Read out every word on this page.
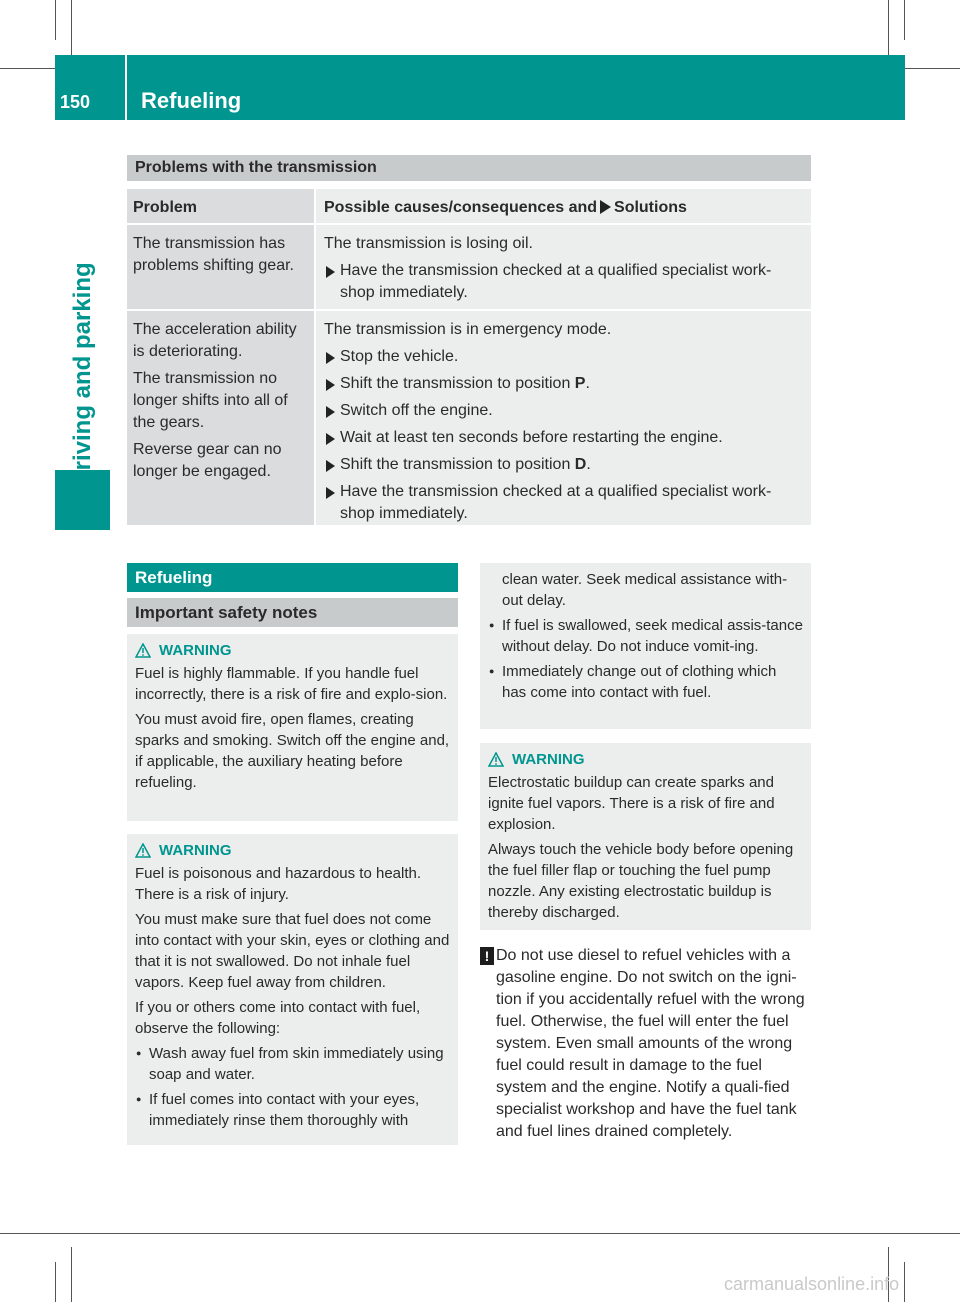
150 Refueling
Driving and parking
Problems with the transmission
Problem	Possible causes/consequences and Solutions
The transmission has problems shifting gear.
The transmission is losing oil.
Have the transmission checked at a qualified specialist work-shop immediately.
The acceleration ability is deteriorating.
The transmission no longer shifts into all of the gears.
Reverse gear can no longer be engaged.
The transmission is in emergency mode.
Stop the vehicle.
Shift the transmission to position P.
Switch off the engine.
Wait at least ten seconds before restarting the engine.
Shift the transmission to position D.
Have the transmission checked at a qualified specialist work-shop immediately.
Refueling
Important safety notes
WARNING
Fuel is highly flammable. If you handle fuel incorrectly, there is a risk of fire and explo-sion.
You must avoid fire, open flames, creating sparks and smoking. Switch off the engine and, if applicable, the auxiliary heating before refueling.
WARNING
Fuel is poisonous and hazardous to health. There is a risk of injury.
You must make sure that fuel does not come into contact with your skin, eyes or clothing and that it is not swallowed. Do not inhale fuel vapors. Keep fuel away from children.
If you or others come into contact with fuel, observe the following:
● Wash away fuel from skin immediately using soap and water.
● If fuel comes into contact with your eyes, immediately rinse them thoroughly with
clean water. Seek medical assistance with-out delay.
● If fuel is swallowed, seek medical assis-tance without delay. Do not induce vomit-ing.
● Immediately change out of clothing which has come into contact with fuel.
WARNING
Electrostatic buildup can create sparks and ignite fuel vapors. There is a risk of fire and explosion.
Always touch the vehicle body before opening the fuel filler flap or touching the fuel pump nozzle. Any existing electrostatic buildup is thereby discharged.
! Do not use diesel to refuel vehicles with a gasoline engine. Do not switch on the igni-tion if you accidentally refuel with the wrong fuel. Otherwise, the fuel will enter the fuel system. Even small amounts of the wrong fuel could result in damage to the fuel system and the engine. Notify a quali-fied specialist workshop and have the fuel tank and fuel lines drained completely.
carmanualsonline.info
